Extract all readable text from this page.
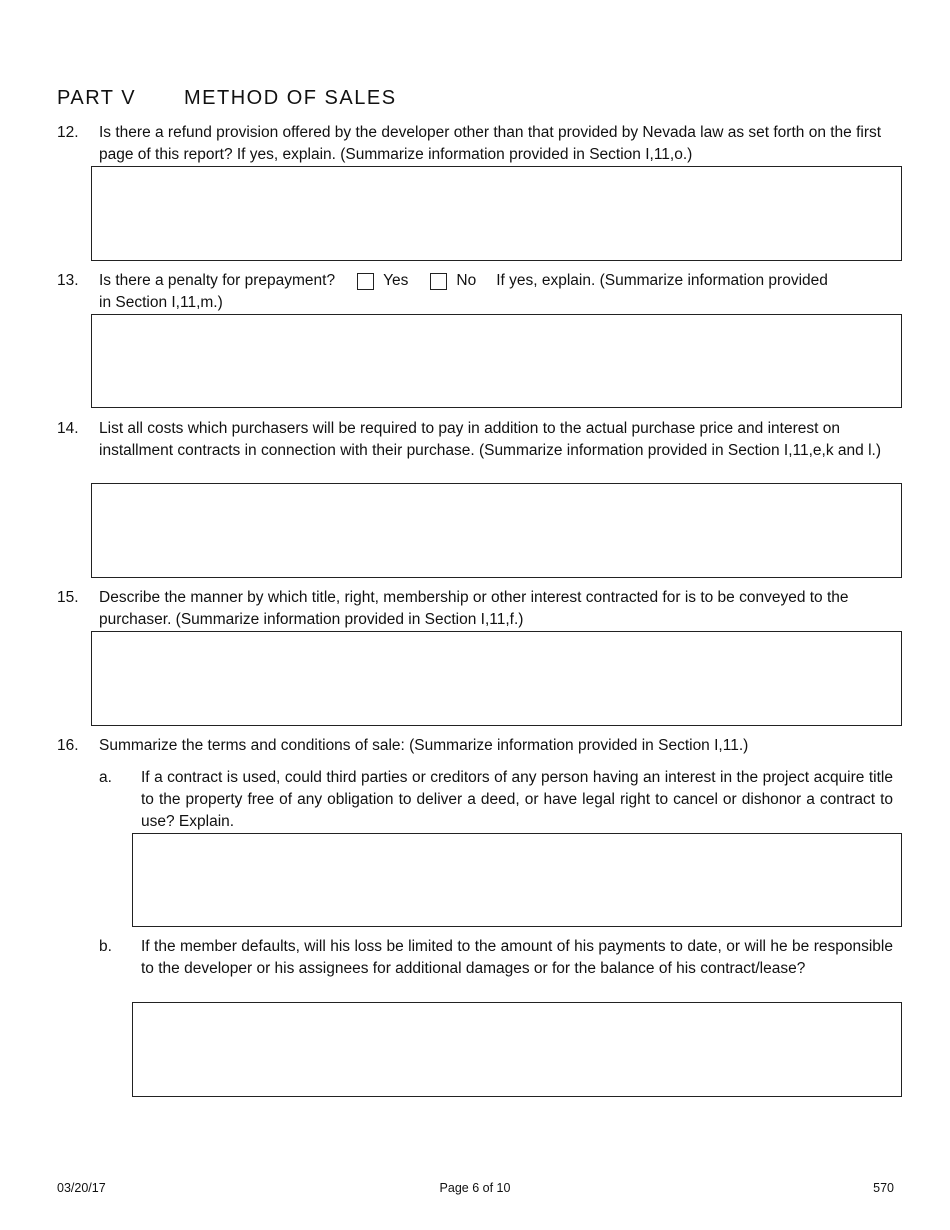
PART V METHOD OF SALES
12. Is there a refund provision offered by the developer other than that provided by Nevada law as set forth on the first page of this report? If yes, explain. (Summarize information provided in Section I,11,o.)
13. Is there a penalty for prepayment?	Yes	No If yes, explain. (Summarize information provided
in Section I,11,m.)
14. List all costs which purchasers will be required to pay in addition to the actual purchase price and interest on installment contracts in connection with their purchase. (Summarize information provided in Section I,11,e,k and l.)
15. Describe the manner by which title, right, membership or other interest contracted for is to be conveyed to the purchaser. (Summarize information provided in Section I,11,f.)
16. Summarize the terms and conditions of sale: (Summarize information provided in Section I,11.)
a. If a contract is used, could third parties or creditors of any person having an interest in the project acquire title to the property free of any obligation to deliver a deed, or have legal right to cancel or dishonor a contract to use? Explain.
b. If the member defaults, will his loss be limited to the amount of his payments to date, or will he be responsible to the developer or his assignees for additional damages or for the balance of his contract/lease?
03/20/17	Page 6 of 10	570
